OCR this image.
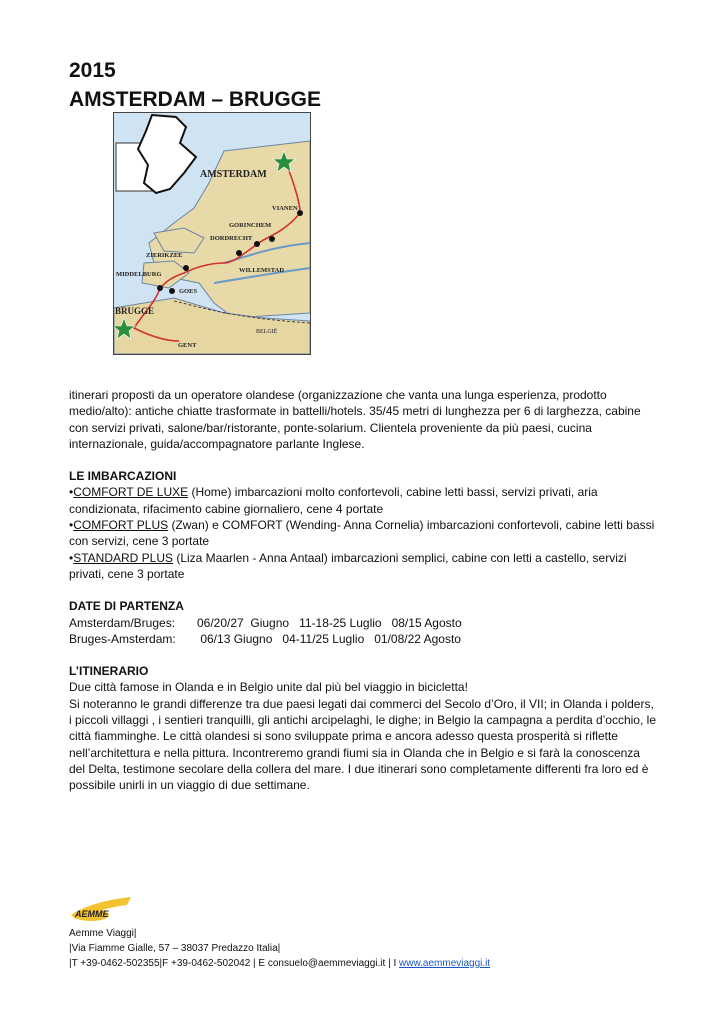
2015
AMSTERDAM – BRUGGE
AMSTERDAM
VIANEN
GORINCHEM
DORDRECHT
ZIERIKZEE
MIDDELBURG
WILLEMSTAD
GOES
BRUGGE
BELGIË
GENT

itinerari proposti da un operatore olandese (organizzazione che vanta una lunga esperienza, prodotto medio/alto): antiche chiatte trasformate in battelli/hotels. 35/45 metri di lunghezza per 6 di larghezza, cabine con servizi privati, salone/bar/ristorante, ponte-solarium. Clientela proveniente da più paesi, cucina internazionale, guida/accompagnatore parlante Inglese.

LE IMBARCAZIONI

•COMFORT DE LUXE (Home) imbarcazioni molto confortevoli, cabine letti bassi, servizi privati, aria condizionata, rifacimento cabine giornaliero, cene 4 portate

•COMFORT PLUS (Zwan) e COMFORT (Wending- Anna Cornelia) imbarcazioni confortevoli, cabine letti bassi con servizi, cene 3 portate

•STANDARD PLUS (Liza Maarlen - Anna Antaal) imbarcazioni semplici, cabine con letti a castello, servizi privati, cene 3 portate

DATE DI PARTENZA

Amsterdam/Bruges:	06/20/27  Giugno   11-18-25 Luglio   08/15 Agosto
Bruges-Amsterdam:	06/13 Giugno   04-11/25 Luglio   01/08/22 Agosto

L’ITINERARIO

Due città famose in Olanda e in Belgio unite dal più bel viaggio in bicicletta!

Si noteranno le grandi differenze tra due paesi legati dai commerci del Secolo d’Oro, il VII; in Olanda i polders, i piccoli villaggi , i sentieri tranquilli, gli antichi arcipelaghi, le dighe; in Belgio la campagna a perdita d’occhio, le città fiamminghe. Le città olandesi si sono sviluppate prima e ancora adesso questa prosperità si riflette nell’architettura e nella pittura. Incontreremo grandi fiumi sia in Olanda che in Belgio e si farà la conoscenza del Delta, testimone secolare della collera del mare. I due itinerari sono completamente differenti fra loro ed è possibile unirli in un viaggio di due settimane.

AEMME
Aemme Viaggi|
|Via Fiamme Gialle, 57 – 38037 Predazzo Italia|
|T +39-0462-502355|F +39-0462-502042 | E consuelo@aemmeviaggi.it | I www.aemmeviaggi.it
